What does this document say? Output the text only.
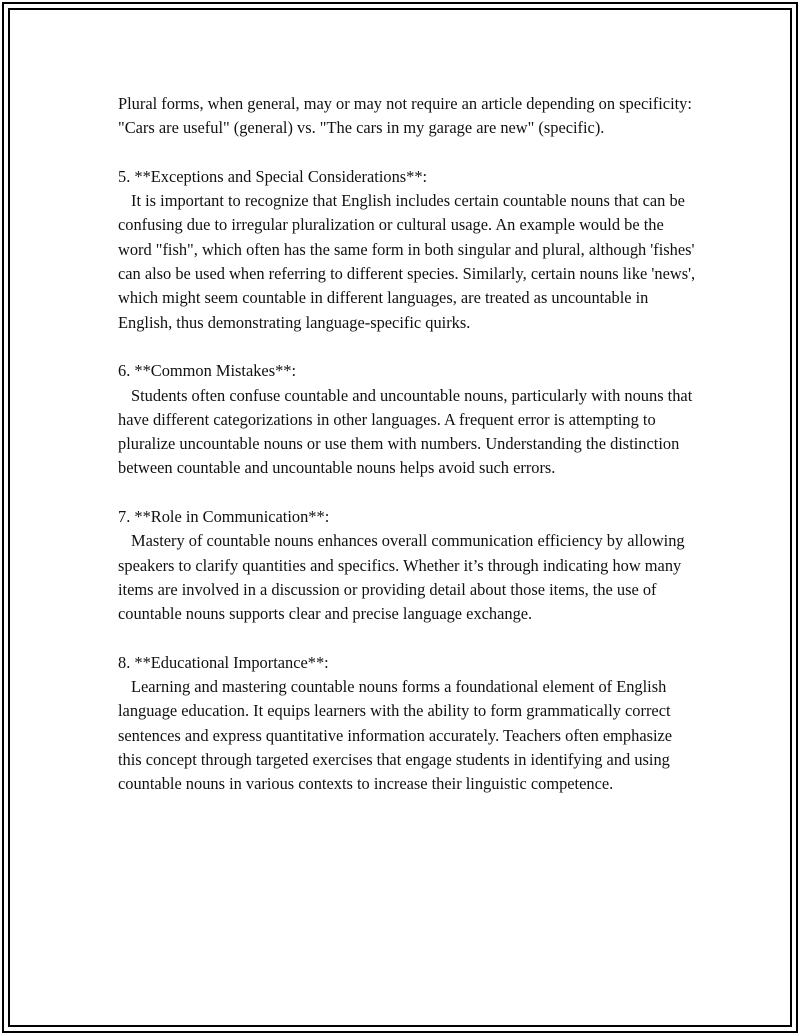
Plural forms, when general, may or may not require an article depending on specificity: "Cars are useful" (general) vs. "The cars in my garage are new" (specific).

5. **Exceptions and Special Considerations**:

It is important to recognize that English includes certain countable nouns that can be confusing due to irregular pluralization or cultural usage. An example would be the word "fish", which often has the same form in both singular and plural, although 'fishes' can also be used when referring to different species. Similarly, certain nouns like 'news', which might seem countable in different languages, are treated as uncountable in English, thus demonstrating language-specific quirks.

6. **Common Mistakes**:

Students often confuse countable and uncountable nouns, particularly with nouns that have different categorizations in other languages. A frequent error is attempting to pluralize uncountable nouns or use them with numbers. Understanding the distinction between countable and uncountable nouns helps avoid such errors.

7. **Role in Communication**:

Mastery of countable nouns enhances overall communication efficiency by allowing speakers to clarify quantities and specifics. Whether it’s through indicating how many items are involved in a discussion or providing detail about those items, the use of countable nouns supports clear and precise language exchange.

8. **Educational Importance**:

Learning and mastering countable nouns forms a foundational element of English language education. It equips learners with the ability to form grammatically correct sentences and express quantitative information accurately. Teachers often emphasize this concept through targeted exercises that engage students in identifying and using countable nouns in various contexts to increase their linguistic competence.
